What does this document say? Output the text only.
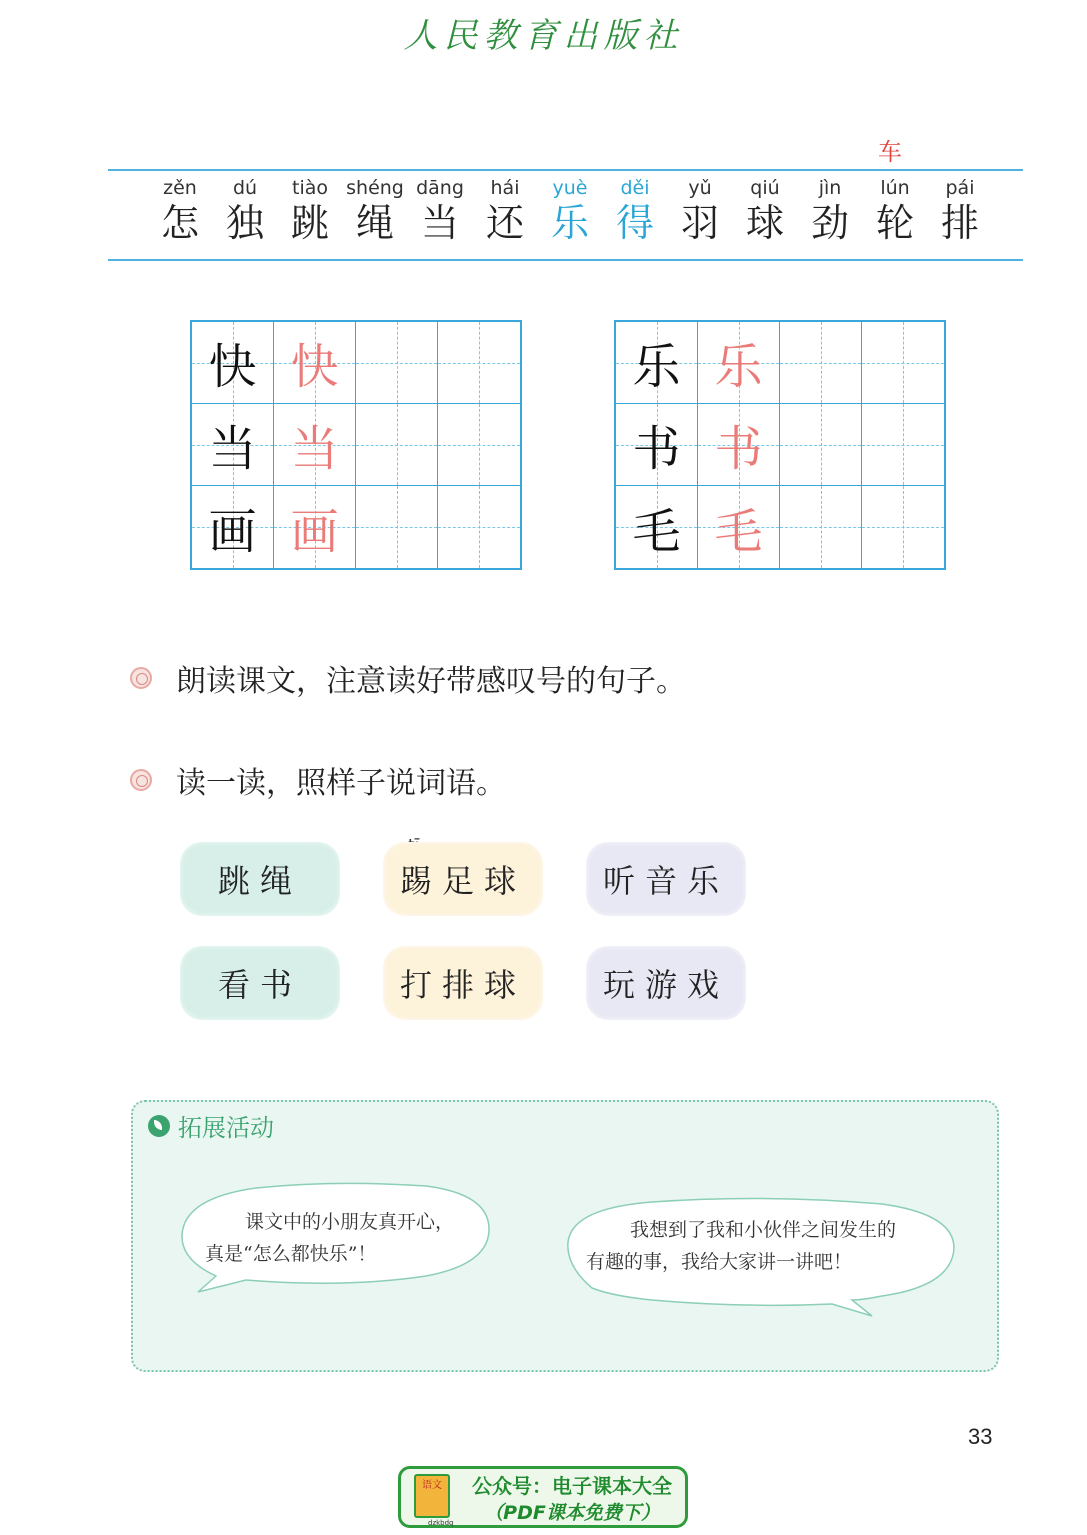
人民教育出版社
车
zěn
怎
dú
独
tiào
跳
shéng
绳
dāng
当
hái
还
yuè
乐
děi
得
yǔ
羽
qiú
球
jìn
劲
lún
轮
pái
排
快 快
当 当
画 画
乐 乐
书 书
毛 毛
朗读课文，注意读好带感叹号的句子。
读一读，照样子说词语。
跳绳	踢足球 听音乐
看书	打排球 玩游戏
拓展活动
课文中的小朋友真开心，
真是“怎么都快乐”！
我想到了我和小伙伴之间发生的
有趣的事，我给大家讲一讲吧！
33
语文
dzkbdq
公众号：电子课本大全
（PDF课本免费下）
